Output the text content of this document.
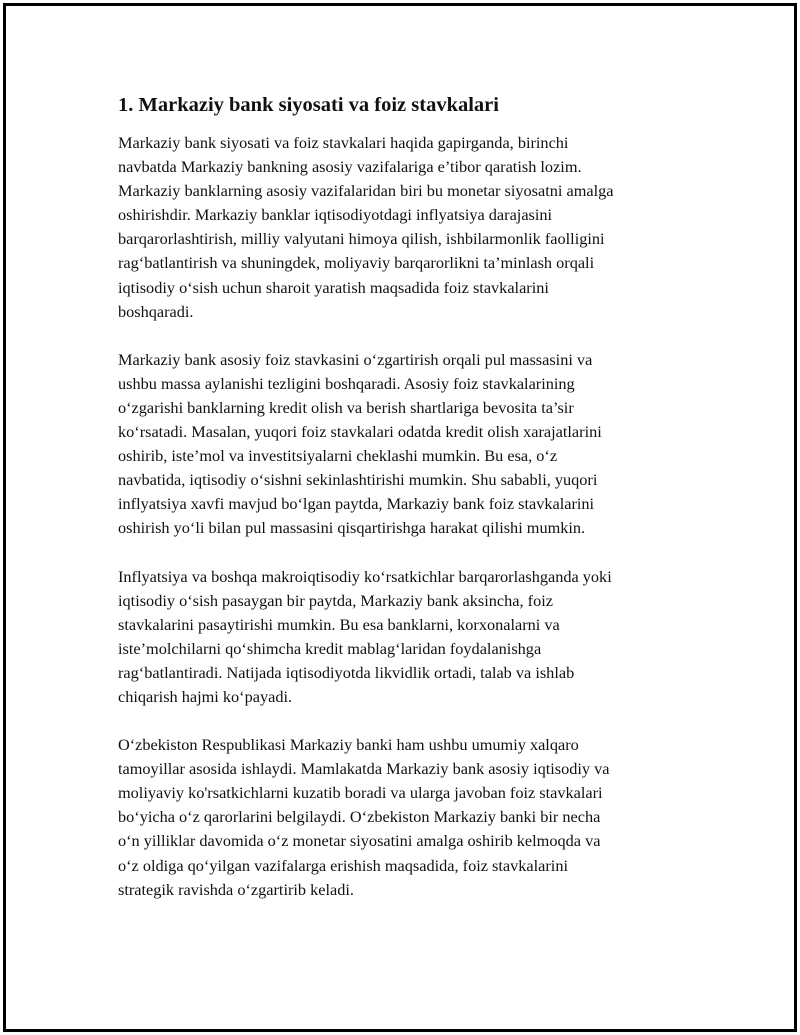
1. Markaziy bank siyosati va foiz stavkalari

Markaziy bank siyosati va foiz stavkalari haqida gapirganda, birinchi
navbatda Markaziy bankning asosiy vazifalariga e’tibor qaratish lozim.
Markaziy banklarning asosiy vazifalaridan biri bu monetar siyosatni amalga
oshirishdir. Markaziy banklar iqtisodiyotdagi inflyatsiya darajasini
barqarorlashtirish, milliy valyutani himoya qilish, ishbilarmonlik faolligini
rag‘batlantirish va shuningdek, moliyaviy barqarorlikni ta’minlash orqali
iqtisodiy o‘sish uchun sharoit yaratish maqsadida foiz stavkalarini
boshqaradi.

Markaziy bank asosiy foiz stavkasini o‘zgartirish orqali pul massasini va
ushbu massa aylanishi tezligini boshqaradi. Asosiy foiz stavkalarining
o‘zgarishi banklarning kredit olish va berish shartlariga bevosita ta’sir
ko‘rsatadi. Masalan, yuqori foiz stavkalari odatda kredit olish xarajatlarini
oshirib, iste’mol va investitsiyalarni cheklashi mumkin. Bu esa, o‘z
navbatida, iqtisodiy o‘sishni sekinlashtirishi mumkin. Shu sababli, yuqori
inflyatsiya xavfi mavjud bo‘lgan paytda, Markaziy bank foiz stavkalarini
oshirish yo‘li bilan pul massasini qisqartirishga harakat qilishi mumkin.

Inflyatsiya va boshqa makroiqtisodiy ko‘rsatkichlar barqarorlashganda yoki
iqtisodiy o‘sish pasaygan bir paytda, Markaziy bank aksincha, foiz
stavkalarini pasaytirishi mumkin. Bu esa banklarni, korxonalarni va
iste’molchilarni qo‘shimcha kredit mablag‘laridan foydalanishga
rag‘batlantiradi. Natijada iqtisodiyotda likvidlik ortadi, talab va ishlab
chiqarish hajmi ko‘payadi.

O‘zbekiston Respublikasi Markaziy banki ham ushbu umumiy xalqaro
tamoyillar asosida ishlaydi. Mamlakatda Markaziy bank asosiy iqtisodiy va
moliyaviy ko'rsatkichlarni kuzatib boradi va ularga javoban foiz stavkalari
bo‘yicha o‘z qarorlarini belgilaydi. O‘zbekiston Markaziy banki bir necha
o‘n yilliklar davomida o‘z monetar siyosatini amalga oshirib kelmoqda va
o‘z oldiga qo‘yilgan vazifalarga erishish maqsadida, foiz stavkalarini
strategik ravishda o‘zgartirib keladi.
